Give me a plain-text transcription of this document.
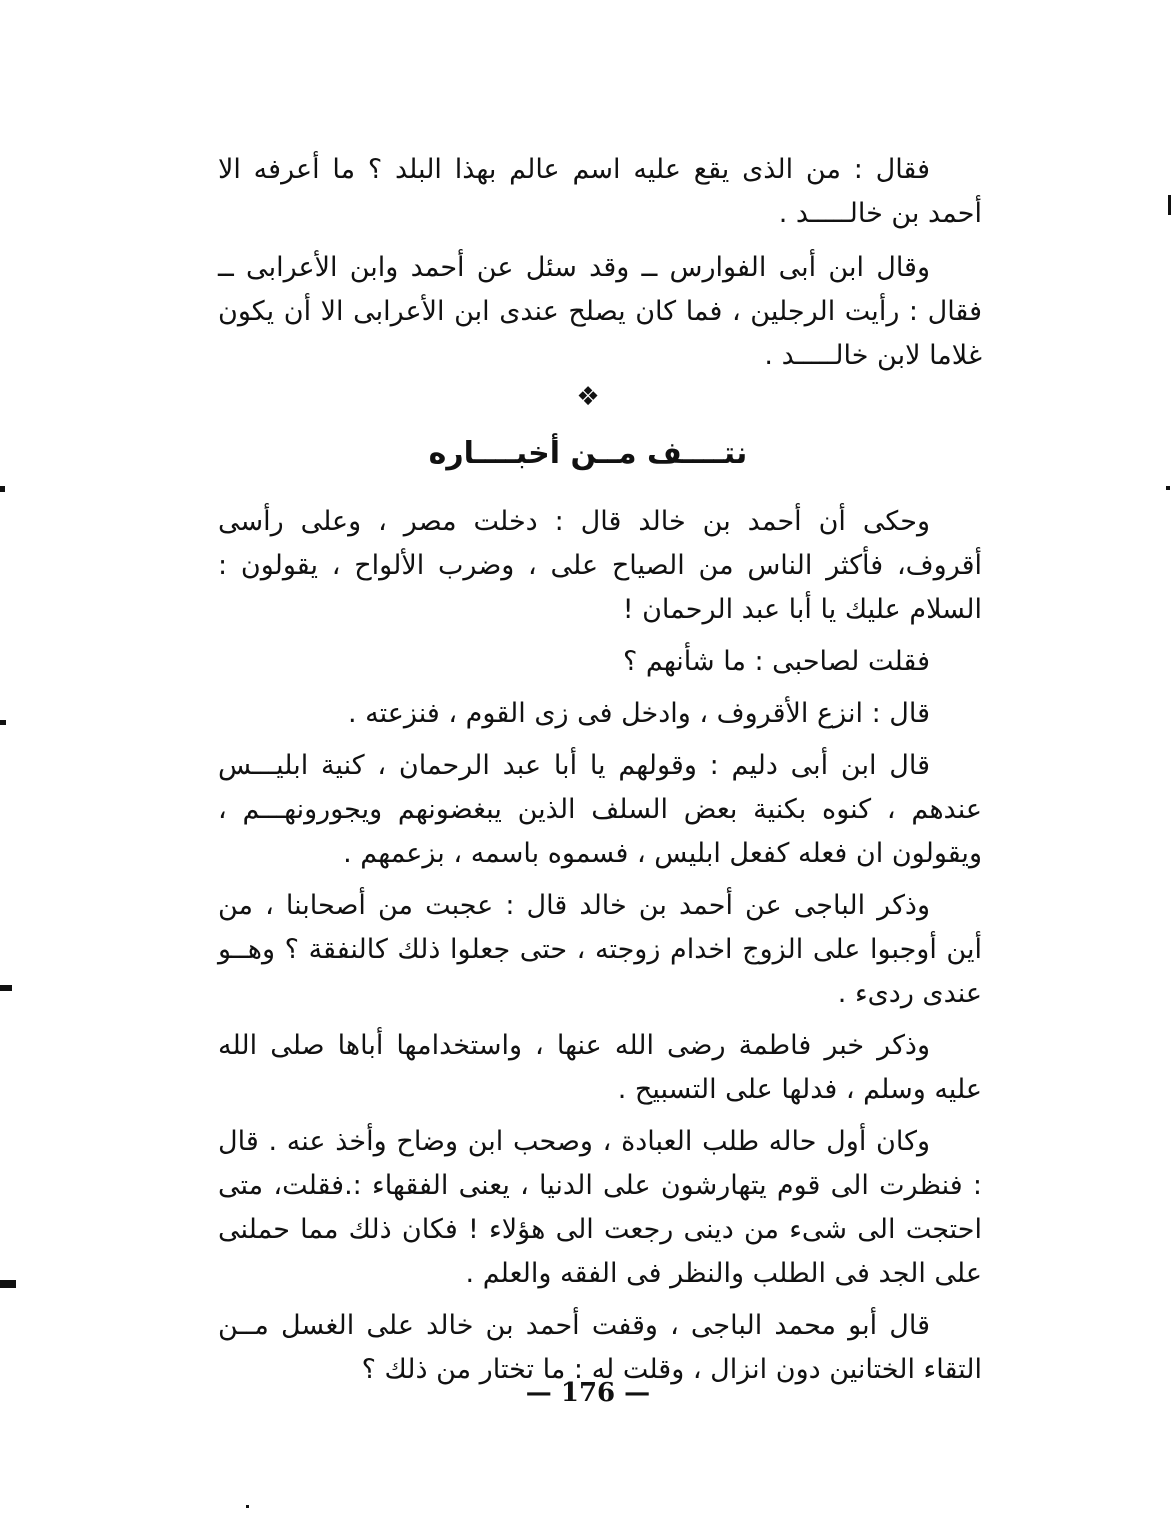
فقال : من الذى يقع عليه اسم عالم بهذا البلد ؟ ما أعرفه الا أحمد بن خالـــــد .

وقال ابن أبى الفوارس ــ وقد سئل عن أحمد وابن الأعرابى ــ فقال : رأيت الرجلين ، فما كان يصلح عندى ابن الأعرابى الا أن يكون غلاما لابن خالـــــد .

❖
نتــــف مــن أخبــــاره

وحكى أن أحمد بن خالد قال : دخلت مصر ، وعلى رأسى أقروف، فأكثر الناس من الصياح على ، وضرب الألواح ، يقولون : السلام عليك يا أبا عبد الرحمان !

فقلت لصاحبى : ما شأنهم ؟

قال : انزع الأقروف ، وادخل فى زى القوم ، فنزعته .

قال ابن أبى دليم : وقولهم يا أبا عبد الرحمان ، كنية ابليـــس عندهم ، كنوه بكنية بعض السلف الذين يبغضونهم ويجورونهـــم ، ويقولون ان فعله كفعل ابليس ، فسموه باسمه ، بزعمهم .

وذكر الباجى عن أحمد بن خالد قال : عجبت من أصحابنا ، من أين أوجبوا على الزوج اخدام زوجته ، حتى جعلوا ذلك كالنفقة ؟ وهــو عندى ردىء .

وذكر خبر فاطمة رضى الله عنها ، واستخدامها أباها صلى الله عليه وسلم ، فدلها على التسبيح .

وكان أول حاله طلب العبادة ، وصحب ابن وضاح وأخذ عنه . قال : فنظرت الى قوم يتهارشون على الدنيا ، يعنى الفقهاء :.فقلت، متى احتجت الى شىء من دينى رجعت الى هؤلاء ! فكان ذلك مما حملنى على الجد فى الطلب والنظر فى الفقه والعلم .

قال أبو محمد الباجى ، وقفت أحمد بن خالد على الغسل مــن التقاء الختانين دون انزال ، وقلت له : ما تختار من ذلك ؟

— 176 —
